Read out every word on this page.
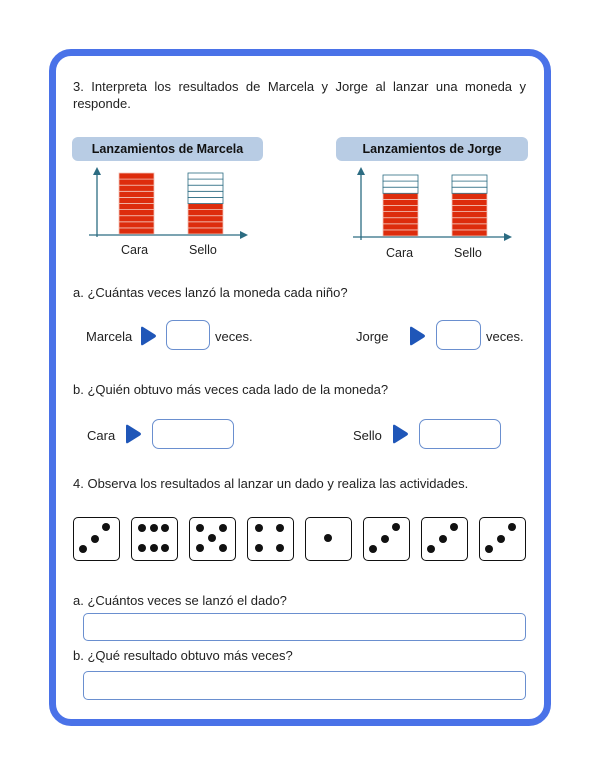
3. Interpreta los resultados de Marcela y Jorge al lanzar una moneda y responde.
Lanzamientos de Marcela
Cara	Sello
Lanzamientos de Jorge
Cara	Sello
a. ¿Cuántas veces lanzó la moneda cada niño?
Marcela	veces.	Jorge	veces.
b. ¿Quién obtuvo más veces cada lado de la moneda?
Cara	Sello
4. Observa los resultados al lanzar un dado y realiza las actividades.
a. ¿Cuántos veces se lanzó el dado?
b. ¿Qué resultado obtuvo más veces?
